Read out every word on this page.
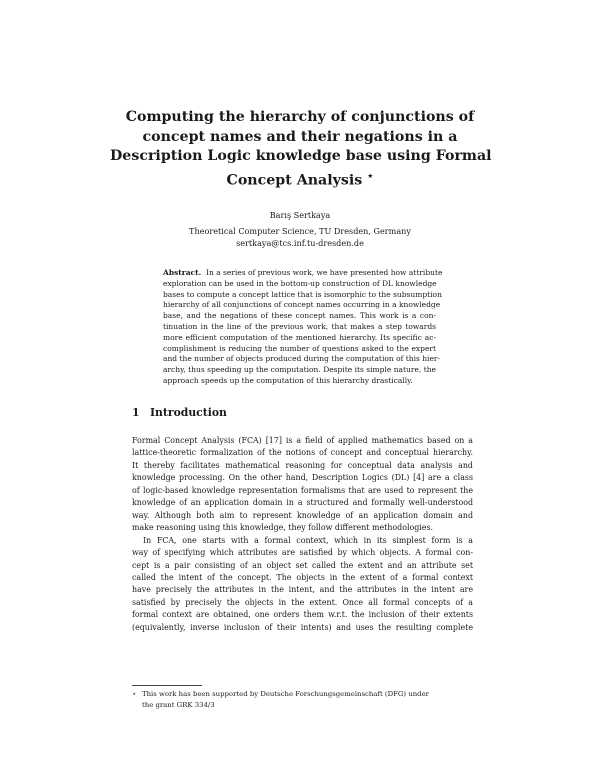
Computing the hierarchy of conjunctions of
concept names and their negations in a
Description Logic knowledge base using Formal
Concept Analysis ⋆
Barış Sertkaya
Theoretical Computer Science, TU Dresden, Germany
sertkaya@tcs.inf.tu-dresden.de
Abstract. In a series of previous work, we have presented how attribute
exploration can be used in the bottom-up construction of DL knowledge
bases to compute a concept lattice that is isomorphic to the subsumption
hierarchy of all conjunctions of concept names occurring in a knowledge
base, and the negations of these concept names. This work is a con-
tinuation in the line of the previous work, that makes a step towards
more efficient computation of the mentioned hierarchy. Its specific ac-
complishment is reducing the number of questions asked to the expert
and the number of objects produced during the computation of this hier-
archy, thus speeding up the computation. Despite its simple nature, the
approach speeds up the computation of this hierarchy drastically.
1 Introduction
Formal Concept Analysis (FCA) [17] is a field of applied mathematics based on a
lattice-theoretic formalization of the notions of concept and conceptual hierarchy.
It thereby facilitates mathematical reasoning for conceptual data analysis and
knowledge processing. On the other hand, Description Logics (DL) [4] are a class
of logic-based knowledge representation formalisms that are used to represent the
knowledge of an application domain in a structured and formally well-understood
way. Although both aim to represent knowledge of an application domain and
make reasoning using this knowledge, they follow different methodologies.
In FCA, one starts with a formal context, which in its simplest form is a
way of specifying which attributes are satisfied by which objects. A formal con-
cept is a pair consisting of an object set called the extent and an attribute set
called the intent of the concept. The objects in the extent of a formal context
have precisely the attributes in the intent, and the attributes in the intent are
satisfied by precisely the objects in the extent. Once all formal concepts of a
formal context are obtained, one orders them w.r.t. the inclusion of their extents
(equivalently, inverse inclusion of their intents) and uses the resulting complete
⋆ This work has been supported by Deutsche Forschungsgemeinschaft (DFG) under
the grant GRK 334/3
